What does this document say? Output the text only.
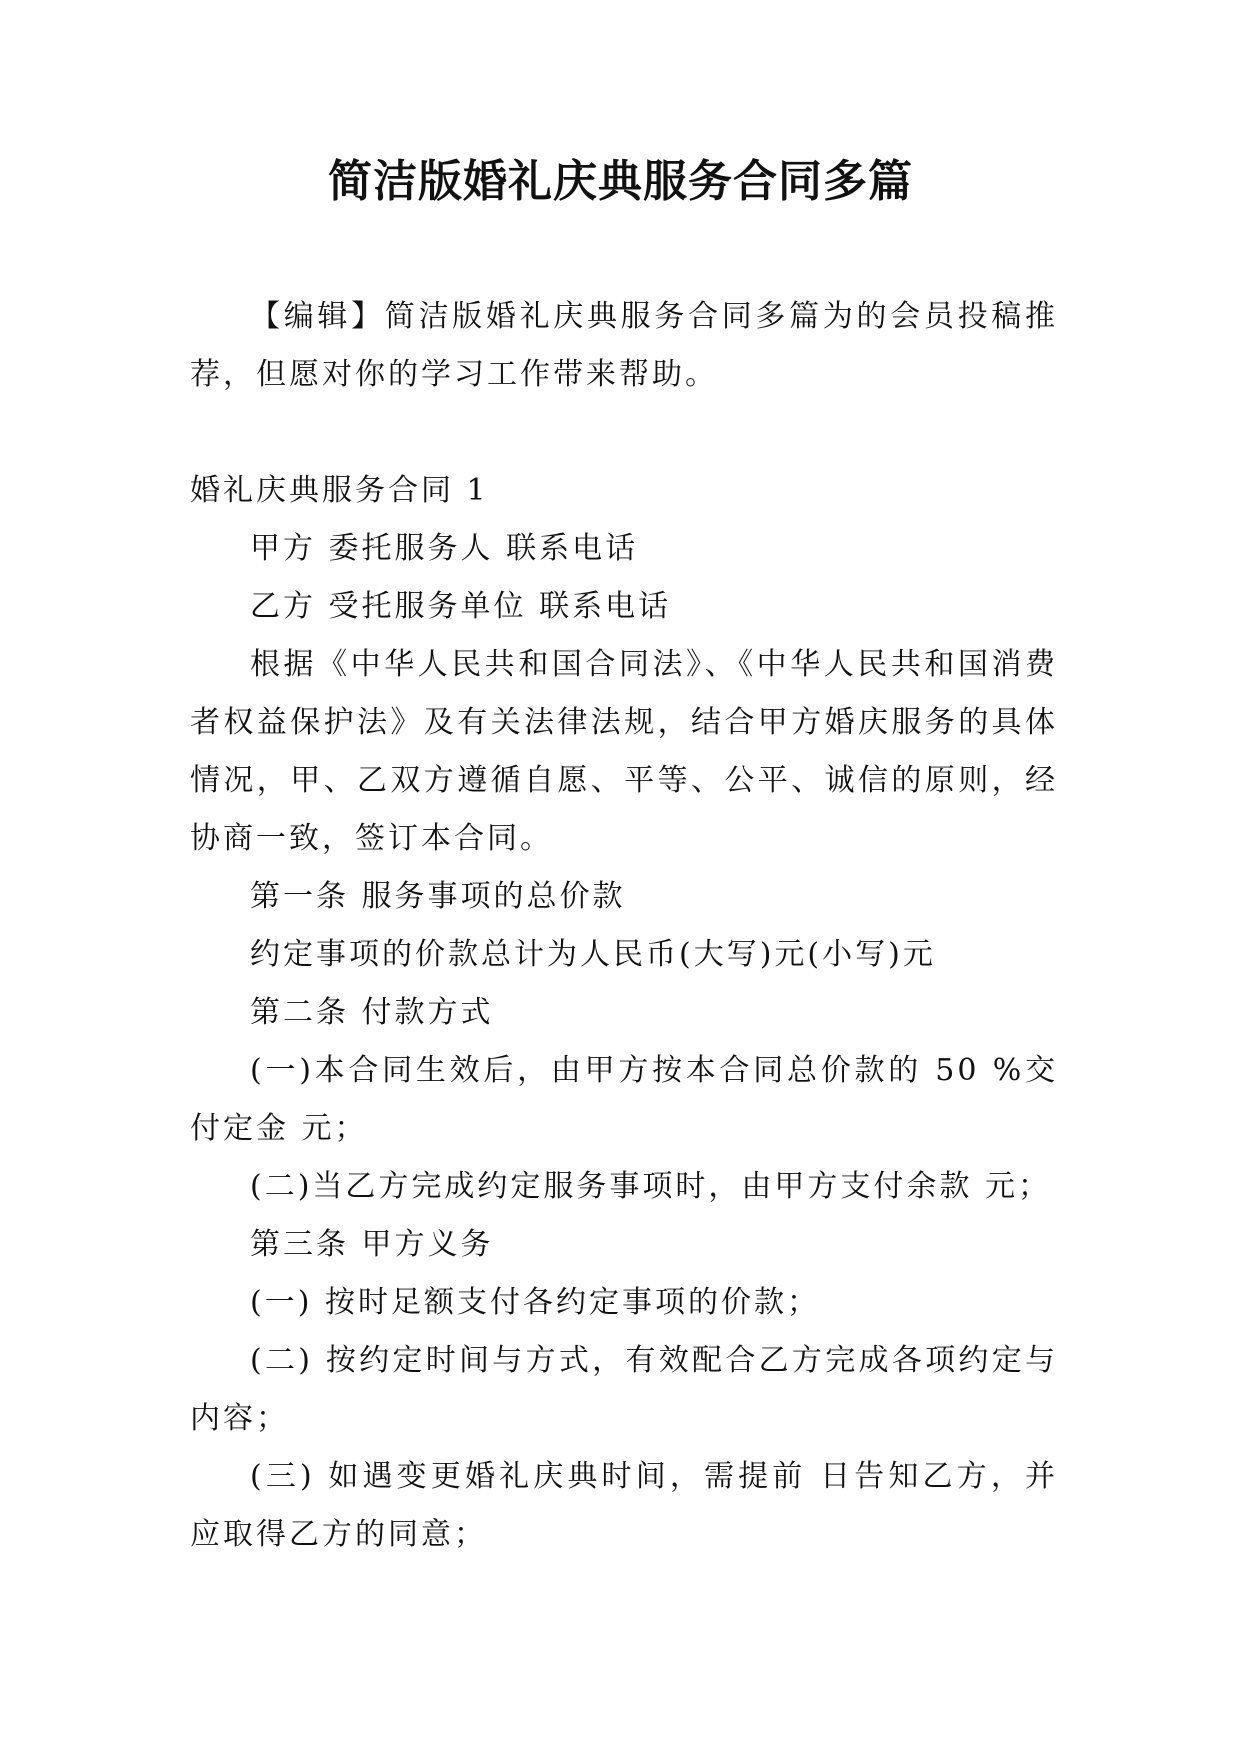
简洁版婚礼庆典服务合同多篇

【编辑】简洁版婚礼庆典服务合同多篇为的会员投稿推荐，但愿对你的学习工作带来帮助。

婚礼庆典服务合同 1

甲方 委托服务人 联系电话

乙方 受托服务单位 联系电话

根据《中华人民共和国合同法》、《中华人民共和国消费者权益保护法》及有关法律法规，结合甲方婚庆服务的具体情况，甲、乙双方遵循自愿、平等、公平、诚信的原则，经协商一致，签订本合同。

第一条 服务事项的总价款

约定事项的价款总计为人民币(大写)元(小写)元

第二条 付款方式

(一)本合同生效后，由甲方按本合同总价款的 50 %交付定金 元；

(二)当乙方完成约定服务事项时，由甲方支付余款 元；

第三条 甲方义务

(一) 按时足额支付各约定事项的价款；

(二) 按约定时间与方式，有效配合乙方完成各项约定与内容；

(三) 如遇变更婚礼庆典时间，需提前 日告知乙方，并应取得乙方的同意；
